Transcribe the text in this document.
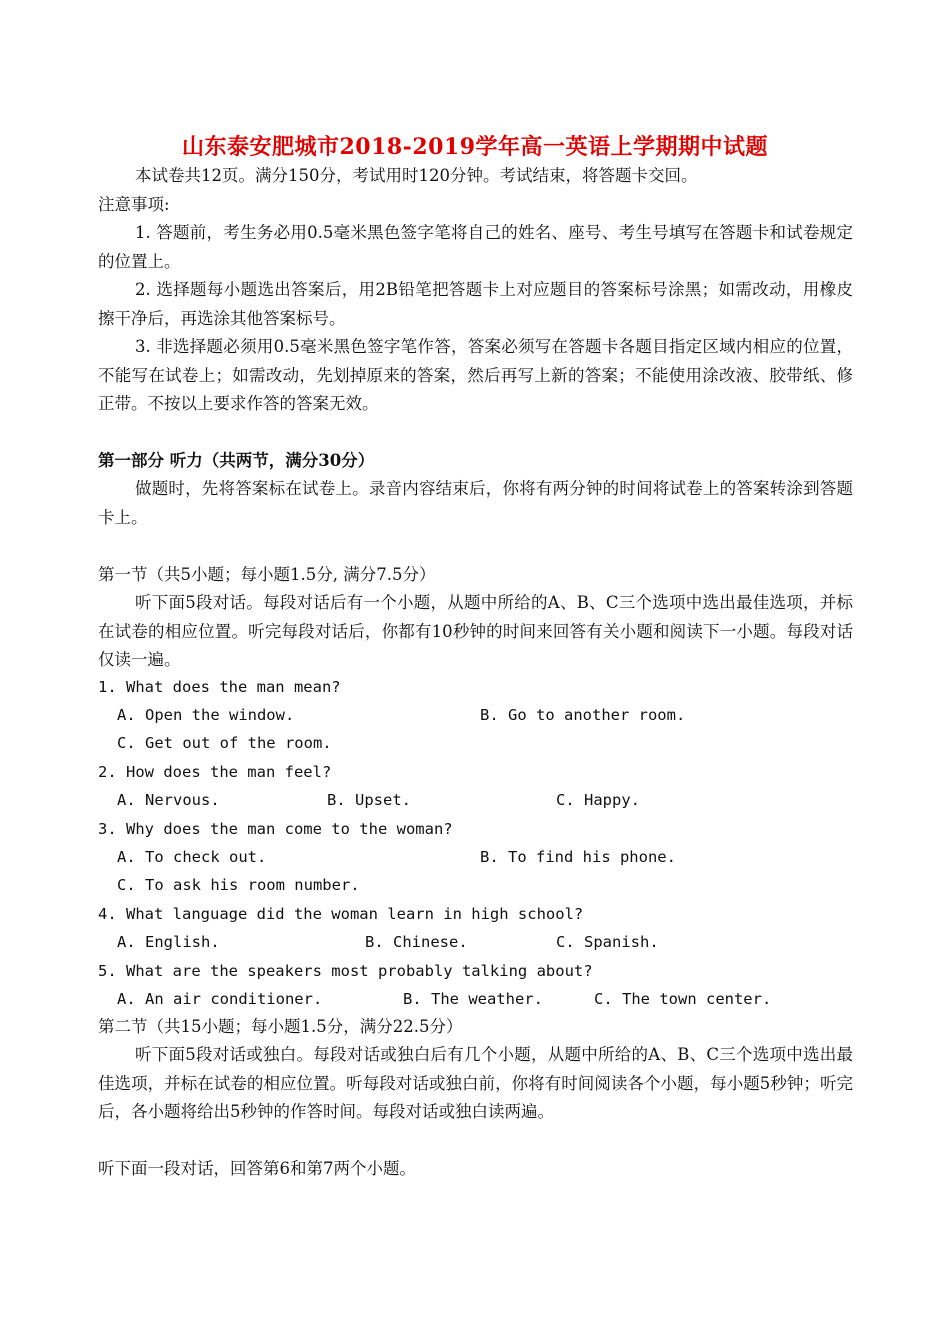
山东泰安肥城市2018-2019学年高一英语上学期期中试题
本试卷共12页。满分150分，考试用时120分钟。考试结束，将答题卡交回。
注意事项:
1. 答题前，考生务必用0.5毫米黑色签字笔将自己的姓名、座号、考生号填写在答题卡和试卷规定的位置上。
2. 选择题每小题选出答案后，用2B铅笔把答题卡上对应题目的答案标号涂黑；如需改动，用橡皮擦干净后，再选涂其他答案标号。
3. 非选择题必须用0.5毫米黑色签字笔作答，答案必须写在答题卡各题目指定区域内相应的位置，不能写在试卷上；如需改动，先划掉原来的答案，然后再写上新的答案；不能使用涂改液、胶带纸、修正带。不按以上要求作答的答案无效。
第一部分 听力（共两节，满分30分）
做题时，先将答案标在试卷上。录音内容结束后，你将有两分钟的时间将试卷上的答案转涂到答题卡上。
第一节（共5小题；每小题1.5分, 满分7.5分）
听下面5段对话。每段对话后有一个小题，从题中所给的A、B、C三个选项中选出最佳选项，并标在试卷的相应位置。听完每段对话后，你都有10秒钟的时间来回答有关小题和阅读下一小题。每段对话仅读一遍。
1. What does the man mean?
A. Open the window.	B. Go to another room.
C. Get out of the room.
2. How does the man feel?
A. Nervous.	B. Upset.	C. Happy.
3. Why does the man come to the woman?
A. To check out.	B. To find his phone.
C. To ask his room number.
4. What language did the woman learn in high school?
A. English.	B. Chinese.	C. Spanish.
5. What are the speakers most probably talking about?
A. An air conditioner.	B. The weather.	C. The town center.
第二节（共15小题；每小题1.5分，满分22.5分）
听下面5段对话或独白。每段对话或独白后有几个小题，从题中所给的A、B、C三个选项中选出最佳选项，并标在试卷的相应位置。听每段对话或独白前，你将有时间阅读各个小题，每小题5秒钟；听完后，各小题将给出5秒钟的作答时间。每段对话或独白读两遍。
听下面一段对话，回答第6和第7两个小题。
